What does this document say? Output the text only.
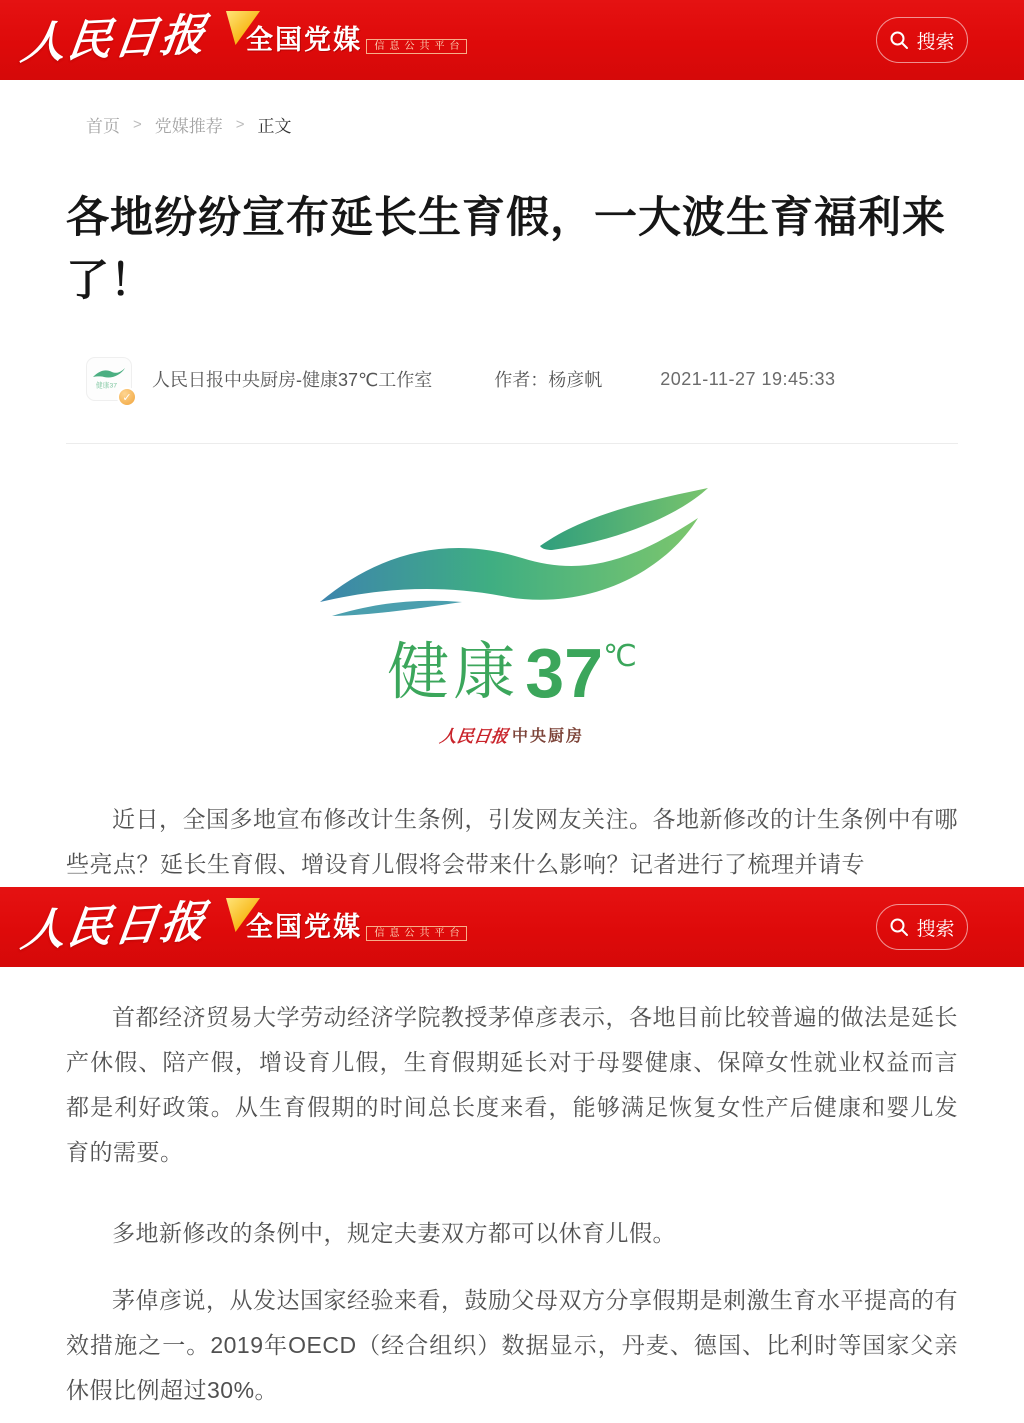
人民日报	全国党媒 信息公共平台	搜索
首页 > 党媒推荐 > 正文
各地纷纷宣布延长生育假，一大波生育福利来了！
健康37
✓
人民日报中央厨房-健康37℃工作室	作者：杨彦帆	2021-11-27 19:45:33
健康 37 ℃
人民日报 中央厨房

近日，全国多地宣布修改计生条例，引发网友关注。各地新修改的计生条例中有哪些亮点？延长生育假、增设育儿假将会带来什么影响？记者进行了梳理并请专

人民日报	全国党媒 信息公共平台	搜索

首都经济贸易大学劳动经济学院教授茅倬彦表示，各地目前比较普遍的做法是延长产休假、陪产假，增设育儿假，生育假期延长对于母婴健康、保障女性就业权益而言都是利好政策。从生育假期的时间总长度来看，能够满足恢复女性产后健康和婴儿发育的需要。

多地新修改的条例中，规定夫妻双方都可以休育儿假。

茅倬彦说，从发达国家经验来看，鼓励父母双方分享假期是刺激生育水平提高的有效措施之一。2019年OECD（经合组织）数据显示，丹麦、德国、比利时等国家父亲休假比例超过30%。
